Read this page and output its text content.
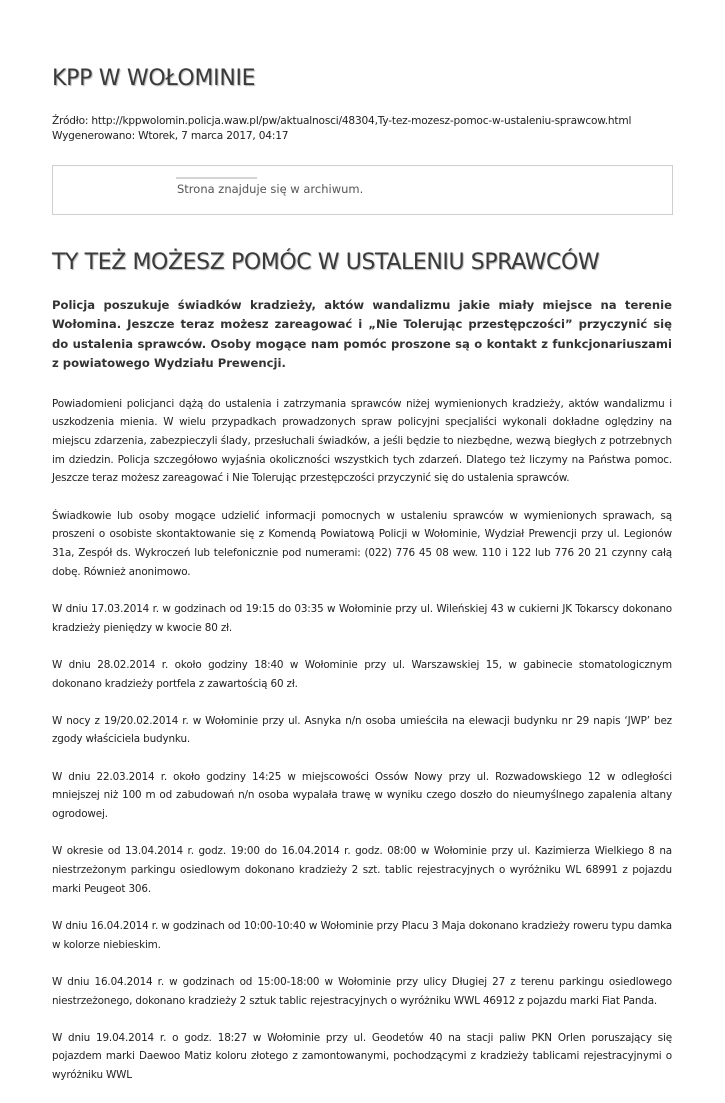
KPP W WOŁOMINIE
Źródło: http://kppwolomin.policja.waw.pl/pw/aktualnosci/48304,Ty-tez-mozesz-pomoc-w-ustaleniu-sprawcow.html
Wygenerowano: Wtorek, 7 marca 2017, 04:17
Strona znajduje się w archiwum.
TY TEŻ MOŻESZ POMÓC W USTALENIU SPRAWCÓW

Policja poszukuje świadków kradzieży, aktów wandalizmu jakie miały miejsce na terenie Wołomina. Jeszcze teraz możesz zareagować i „Nie Tolerując przestępczości” przyczynić się do ustalenia sprawców. Osoby mogące nam pomóc proszone są o kontakt z funkcjonariuszami z powiatowego Wydziału Prewencji.

Powiadomieni policjanci dążą do ustalenia i zatrzymania sprawców niżej wymienionych kradzieży, aktów wandalizmu i uszkodzenia mienia. W wielu przypadkach prowadzonych spraw policyjni specjaliści wykonali dokładne oględziny na miejscu zdarzenia, zabezpieczyli ślady, przesłuchali świadków, a jeśli będzie to niezbędne, wezwą biegłych z potrzebnych im dziedzin. Policja szczegółowo wyjaśnia okoliczności wszystkich tych zdarzeń. Dlatego też liczymy na Państwa pomoc. Jeszcze teraz możesz zareagować i Nie Tolerując przestępczości przyczynić się do ustalenia sprawców.

Świadkowie lub osoby mogące udzielić informacji pomocnych w ustaleniu sprawców w wymienionych sprawach, są proszeni o osobiste skontaktowanie się z Komendą Powiatową Policji w Wołominie, Wydział Prewencji przy ul. Legionów 31a, Zespół ds. Wykroczeń lub telefonicznie pod numerami: (022) 776 45 08 wew. 110 i 122 lub 776 20 21 czynny całą dobę. Również anonimowo.

W dniu 17.03.2014 r. w godzinach od 19:15 do 03:35 w Wołominie przy ul. Wileńskiej 43 w cukierni JK Tokarscy dokonano kradzieży pieniędzy w kwocie 80 zł.

W dniu 28.02.2014 r. około godziny 18:40 w Wołominie przy ul. Warszawskiej 15, w gabinecie stomatologicznym dokonano kradzieży portfela z zawartością 60 zł.

W nocy z 19/20.02.2014 r. w Wołominie przy ul. Asnyka n/n osoba umieściła na elewacji budynku nr 29 napis ‘JWP’ bez zgody właściciela budynku.

W dniu 22.03.2014 r. około godziny 14:25 w miejscowości Ossów Nowy przy ul. Rozwadowskiego 12 w odległości mniejszej niż 100 m od zabudowań n/n osoba wypalała trawę w wyniku czego doszło do nieumyślnego zapalenia altany ogrodowej.

W okresie od 13.04.2014 r. godz. 19:00 do 16.04.2014 r. godz. 08:00 w Wołominie przy ul. Kazimierza Wielkiego 8 na niestrzeżonym parkingu osiedlowym dokonano kradzieży 2 szt. tablic rejestracyjnych o wyróżniku WL 68991 z pojazdu marki Peugeot 306.

W dniu 16.04.2014 r. w godzinach od 10:00-10:40 w Wołominie przy Placu 3 Maja dokonano kradzieży roweru typu damka w kolorze niebieskim.

W dniu 16.04.2014 r. w godzinach od 15:00-18:00 w Wołominie przy ulicy Długiej 27 z terenu parkingu osiedlowego niestrzeżonego, dokonano kradzieży 2 sztuk tablic rejestracyjnych o wyróżniku WWL 46912 z pojazdu marki Fiat Panda.

W dniu 19.04.2014 r. o godz. 18:27 w Wołominie przy ul. Geodetów 40 na stacji paliw PKN Orlen poruszający się pojazdem marki Daewoo Matiz koloru złotego z zamontowanymi, pochodzącymi z kradzieży tablicami rejestracyjnymi o wyróżniku WWL
